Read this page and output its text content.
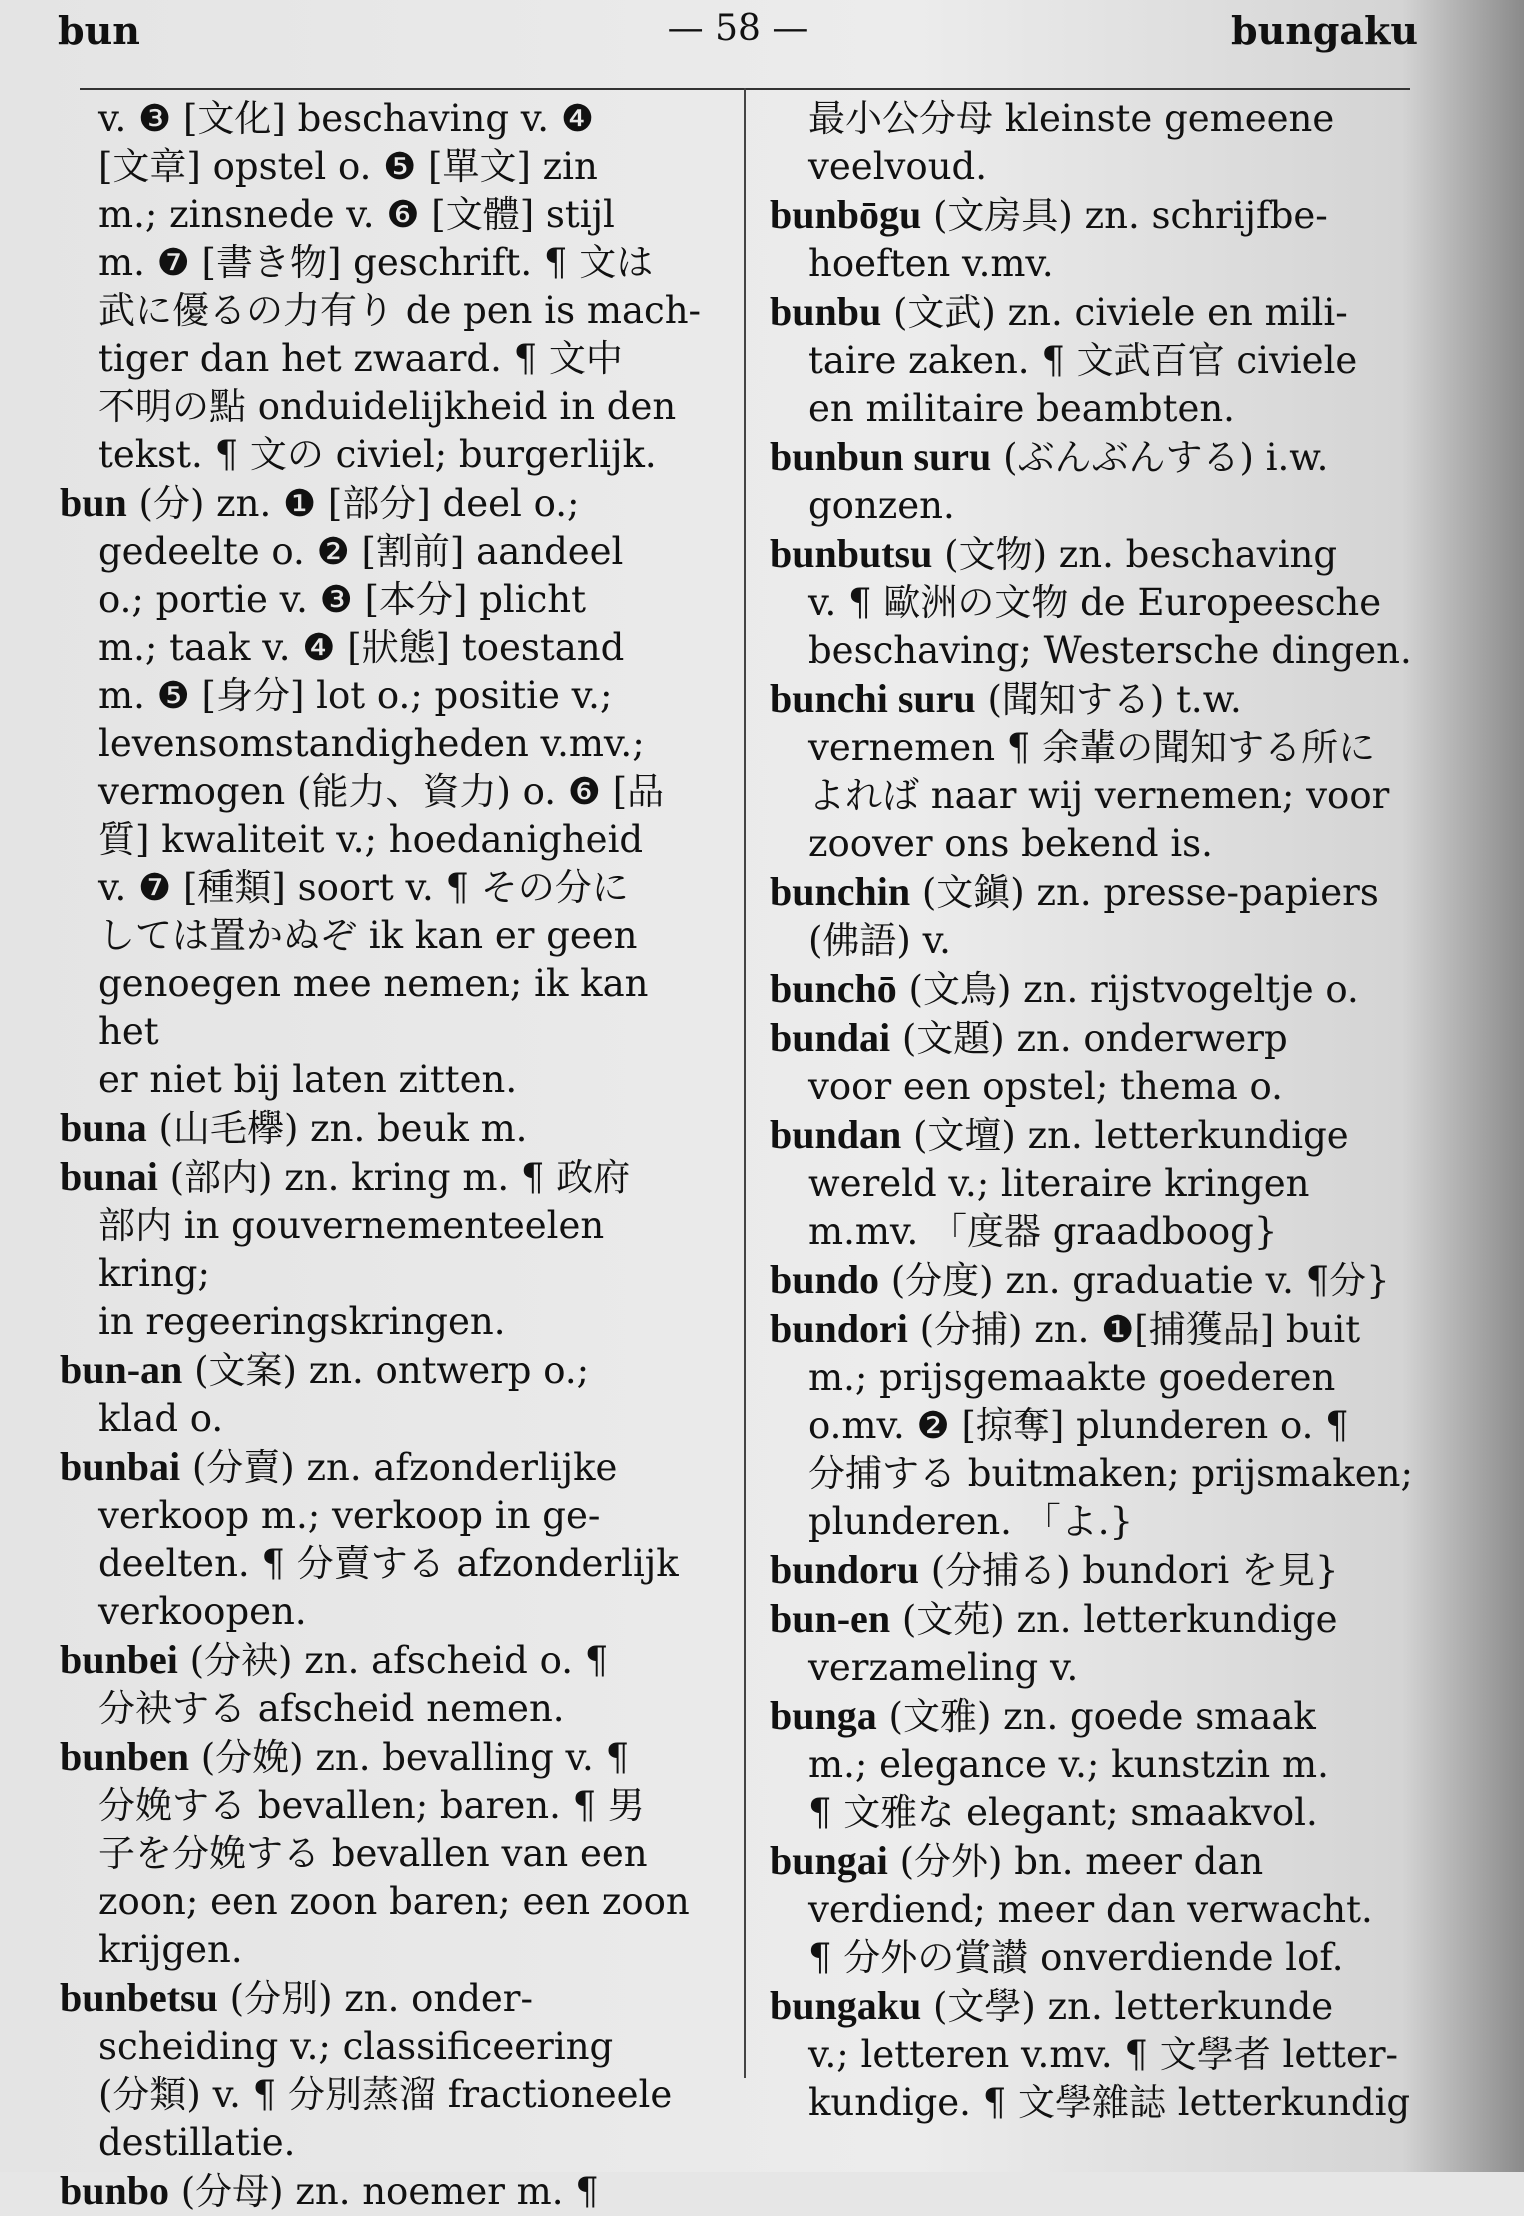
bun	— 58 —	bungaku
v. ❸ [文化] beschaving v. ❹
[文章] opstel o. ❺ [單文] zin
m.; zinsnede v. ❻ [文體] stijl
m. ❼ [書き物] geschrift. ¶ 文は
武に優るの力有り de pen is mach-
tiger dan het zwaard. ¶ 文中
不明の點 onduidelijkheid in den
tekst. ¶ 文の civiel; burgerlijk.
bun (分) zn. ❶ [部分] deel o.;
gedeelte o. ❷ [割前] aandeel
o.; portie v. ❸ [本分] plicht
m.; taak v. ❹ [狀態] toestand
m. ❺ [身分] lot o.; positie v.;
levensomstandigheden v.mv.;
vermogen (能力、資力) o. ❻ [品
質] kwaliteit v.; hoedanigheid
v. ❼ [種類] soort v. ¶ その分に
しては置かぬぞ ik kan er geen
genoegen mee nemen; ik kan het
er niet bij laten zitten.
buna (山毛欅) zn. beuk m.
bunai (部内) zn. kring m. ¶ 政府
部内 in gouvernementeelen kring;
in regeeringskringen.
bun-an (文案) zn. ontwerp o.;
klad o.
bunbai (分賣) zn. afzonderlijke
verkoop m.; verkoop in ge-
deelten. ¶ 分賣する afzonderlijk
verkoopen.
bunbei (分袂) zn. afscheid o. ¶
分袂する afscheid nemen.
bunben (分娩) zn. bevalling v. ¶
分娩する bevallen; baren. ¶ 男
子を分娩する bevallen van een
zoon; een zoon baren; een zoon
krijgen.
bunbetsu (分別) zn. onder-
scheiding v.; classificeering
(分類) v. ¶ 分別蒸溜 fractioneele
destillatie.
bunbo (分母) zn. noemer m. ¶
最小公分母 kleinste gemeene
veelvoud.
bunbōgu (文房具) zn. schrijfbe-
hoeften v.mv.
bunbu (文武) zn. civiele en mili-
taire zaken. ¶ 文武百官 civiele
en militaire beambten.
bunbun suru (ぶんぶんする) i.w.
gonzen.
bunbutsu (文物) zn. beschaving
v. ¶ 歐洲の文物 de Europeesche
beschaving; Westersche dingen.
bunchi suru (聞知する) t.w.
vernemen ¶ 余輩の聞知する所に
よれば naar wij vernemen; voor
zoover ons bekend is.
bunchin (文鎭) zn. presse-papiers
(佛語) v.
bunchō (文鳥) zn. rijstvogeltje o.
bundai (文題) zn. onderwerp
voor een opstel; thema o.
bundan (文壇) zn. letterkundige
wereld v.; literaire kringen
m.mv. 「度器 graadboog}
bundo (分度) zn. graduatie v. ¶分}
bundori (分捕) zn. ❶[捕獲品] buit
m.; prijsgemaakte goederen
o.mv. ❷ [掠奪] plunderen o. ¶
分捕する buitmaken; prijsmaken;
plunderen. 「よ.}
bundoru (分捕る) bundori を見}
bun-en (文苑) zn. letterkundige
verzameling v.
bunga (文雅) zn. goede smaak
m.; elegance v.; kunstzin m.
¶ 文雅な elegant; smaakvol.
bungai (分外) bn. meer dan
verdiend; meer dan verwacht.
¶ 分外の賞讃 onverdiende lof.
bungaku (文學) zn. letterkunde
v.; letteren v.mv. ¶ 文學者 letter-
kundige. ¶ 文學雜誌 letterkundig
